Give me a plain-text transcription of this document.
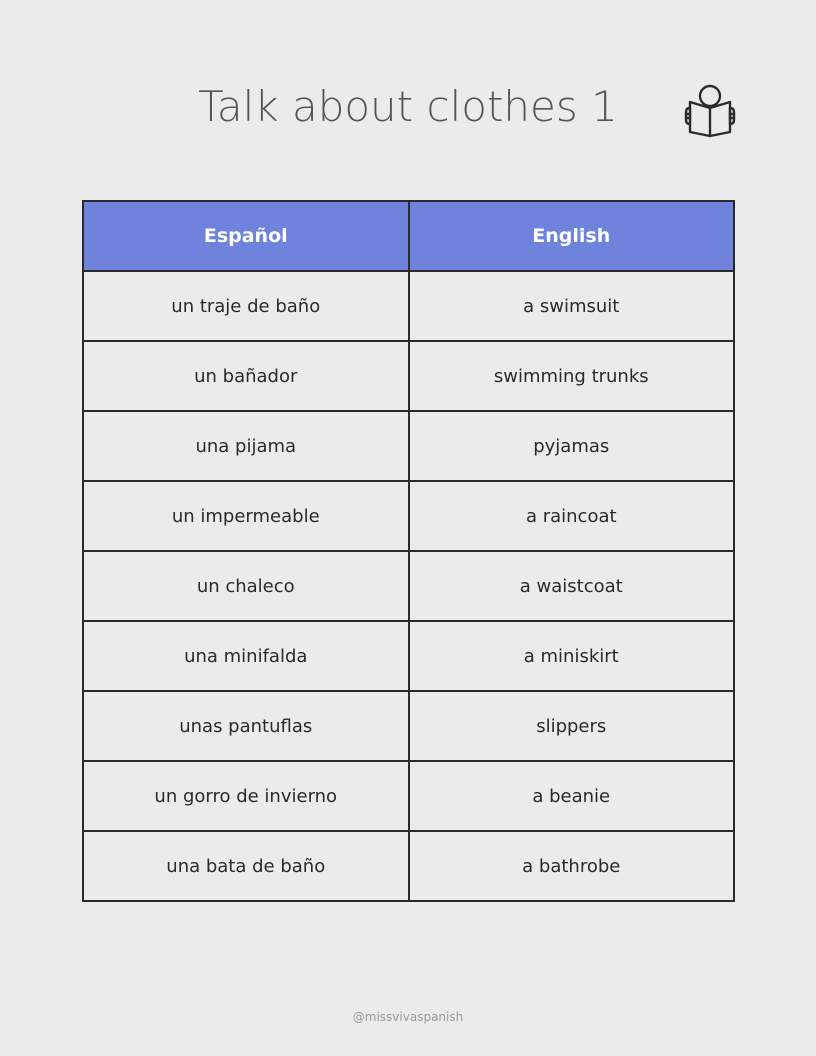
Talk about clothes 1
Español	English
un traje de baño	a swimsuit
un bañador	swimming trunks
una pijama	pyjamas
un impermeable	a raincoat
un chaleco	a waistcoat
una minifalda	a miniskirt
unas pantuflas	slippers
un gorro de invierno	a beanie
una bata de baño	a bathrobe
@missvivaspanish
